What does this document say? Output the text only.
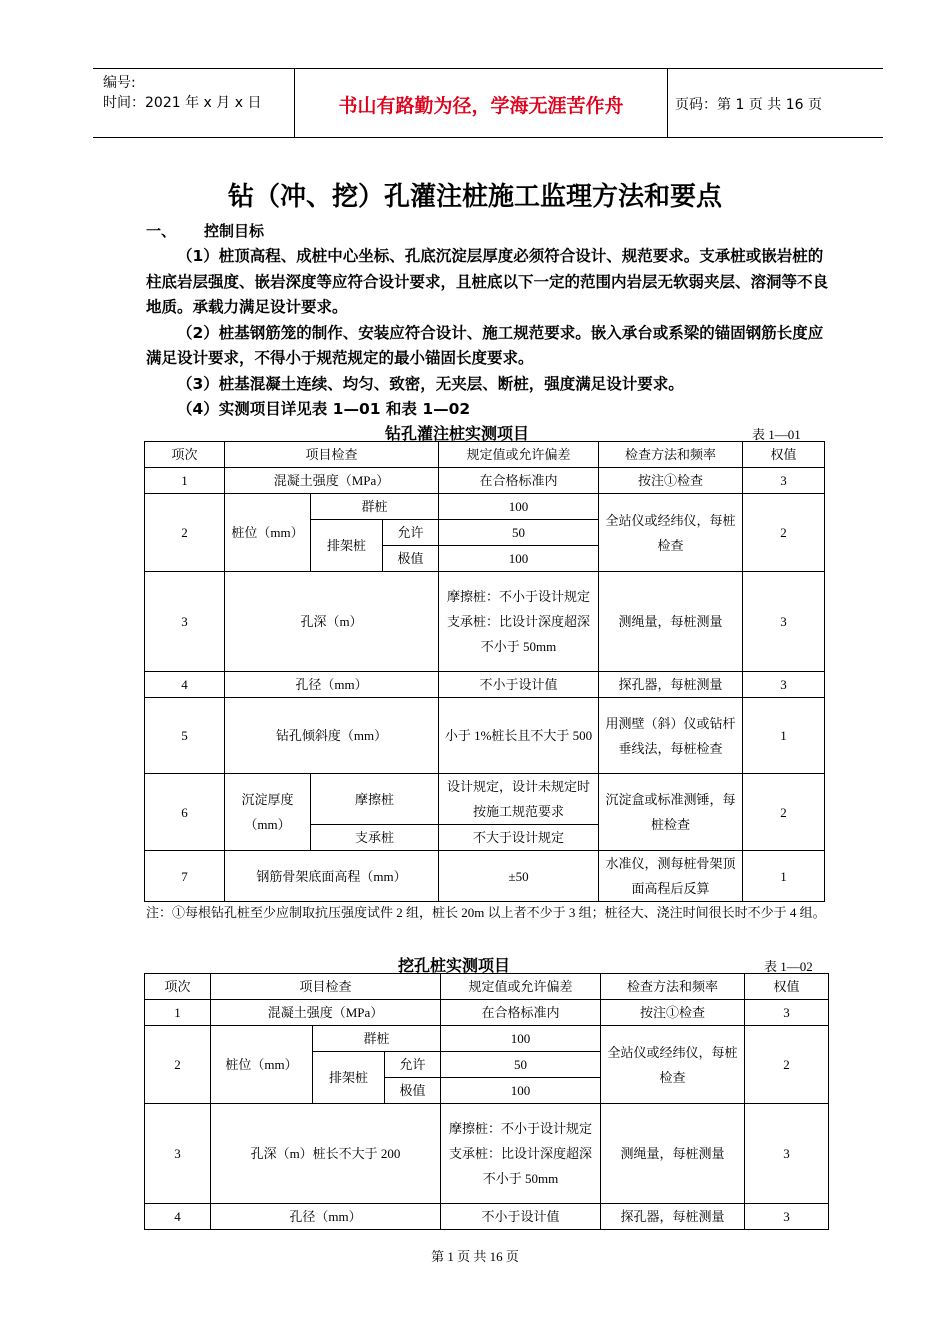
编号:
时间：2021 年 x 月 x 日	书山有路勤为径，学海无涯苦作舟	页码：第 1 页 共 16 页
钻（冲、挖）孔灌注桩施工监理方法和要点
一、 控制目标

（1）桩顶高程、成桩中心坐标、孔底沉淀层厚度必须符合设计、规范要求。支承桩或嵌岩桩的柱底岩层强度、嵌岩深度等应符合设计要求，且桩底以下一定的范围内岩层无软弱夹层、溶洞等不良地质。承载力满足设计要求。

（2）桩基钢筋笼的制作、安装应符合设计、施工规范要求。嵌入承台或系梁的锚固钢筋长度应满足设计要求，不得小于规范规定的最小锚固长度要求。

（3）桩基混凝土连续、均匀、致密，无夹层、断桩，强度满足设计要求。

（4）实测项目详见表 1—01 和表 1—02

钻孔灌注桩实测项目	表 1—01
项次	项目检查			规定值或允许偏差	检查方法和频率	权值
1	混凝土强度（MPa）			在合格标准内	按注①检查	3
2	桩位（mm）	群桩		100	全站仪或经纬仪，每桩检查	2
		排架桩	允许	50		
			极值	100		
3	孔深（m）			摩擦桩：不小于设计规定 支承桩：比设计深度超深不小于 50mm	测绳量，每桩测量	3
4	孔径（mm）			不小于设计值	探孔器，每桩测量	3
5	钻孔倾斜度（mm）			小于 1%桩长且不大于 500	用测壁（斜）仪或钻杆垂线法，每桩检查	1
6	沉淀厚度（mm）	摩擦桩		设计规定，设计未规定时按施工规范要求	沉淀盒或标准测锤，每桩检查	2
		支承桩		不大于设计规定		
7	钢筋骨架底面高程（mm）			±50	水准仪，测每桩骨架顶面高程后反算	1
注：①每根钻孔桩至少应制取抗压强度试件 2 组，桩长 20m 以上者不少于 3 组；桩径大、浇注时间很长时不少于 4 组。
挖孔桩实测项目	表 1—02
项次	项目检查			规定值或允许偏差	检查方法和频率	权值
1	混凝土强度（MPa）			在合格标准内	按注①检查	3
2	桩位（mm）	群桩		100	全站仪或经纬仪，每桩检查	2
		排架桩	允许	50		
			极值	100		
3	孔深（m）桩长不大于 200			摩擦桩：不小于设计规定 支承桩：比设计深度超深不小于 50mm	测绳量，每桩测量	3
4	孔径（mm）			不小于设计值	探孔器，每桩测量	3
第 1 页 共 16 页
